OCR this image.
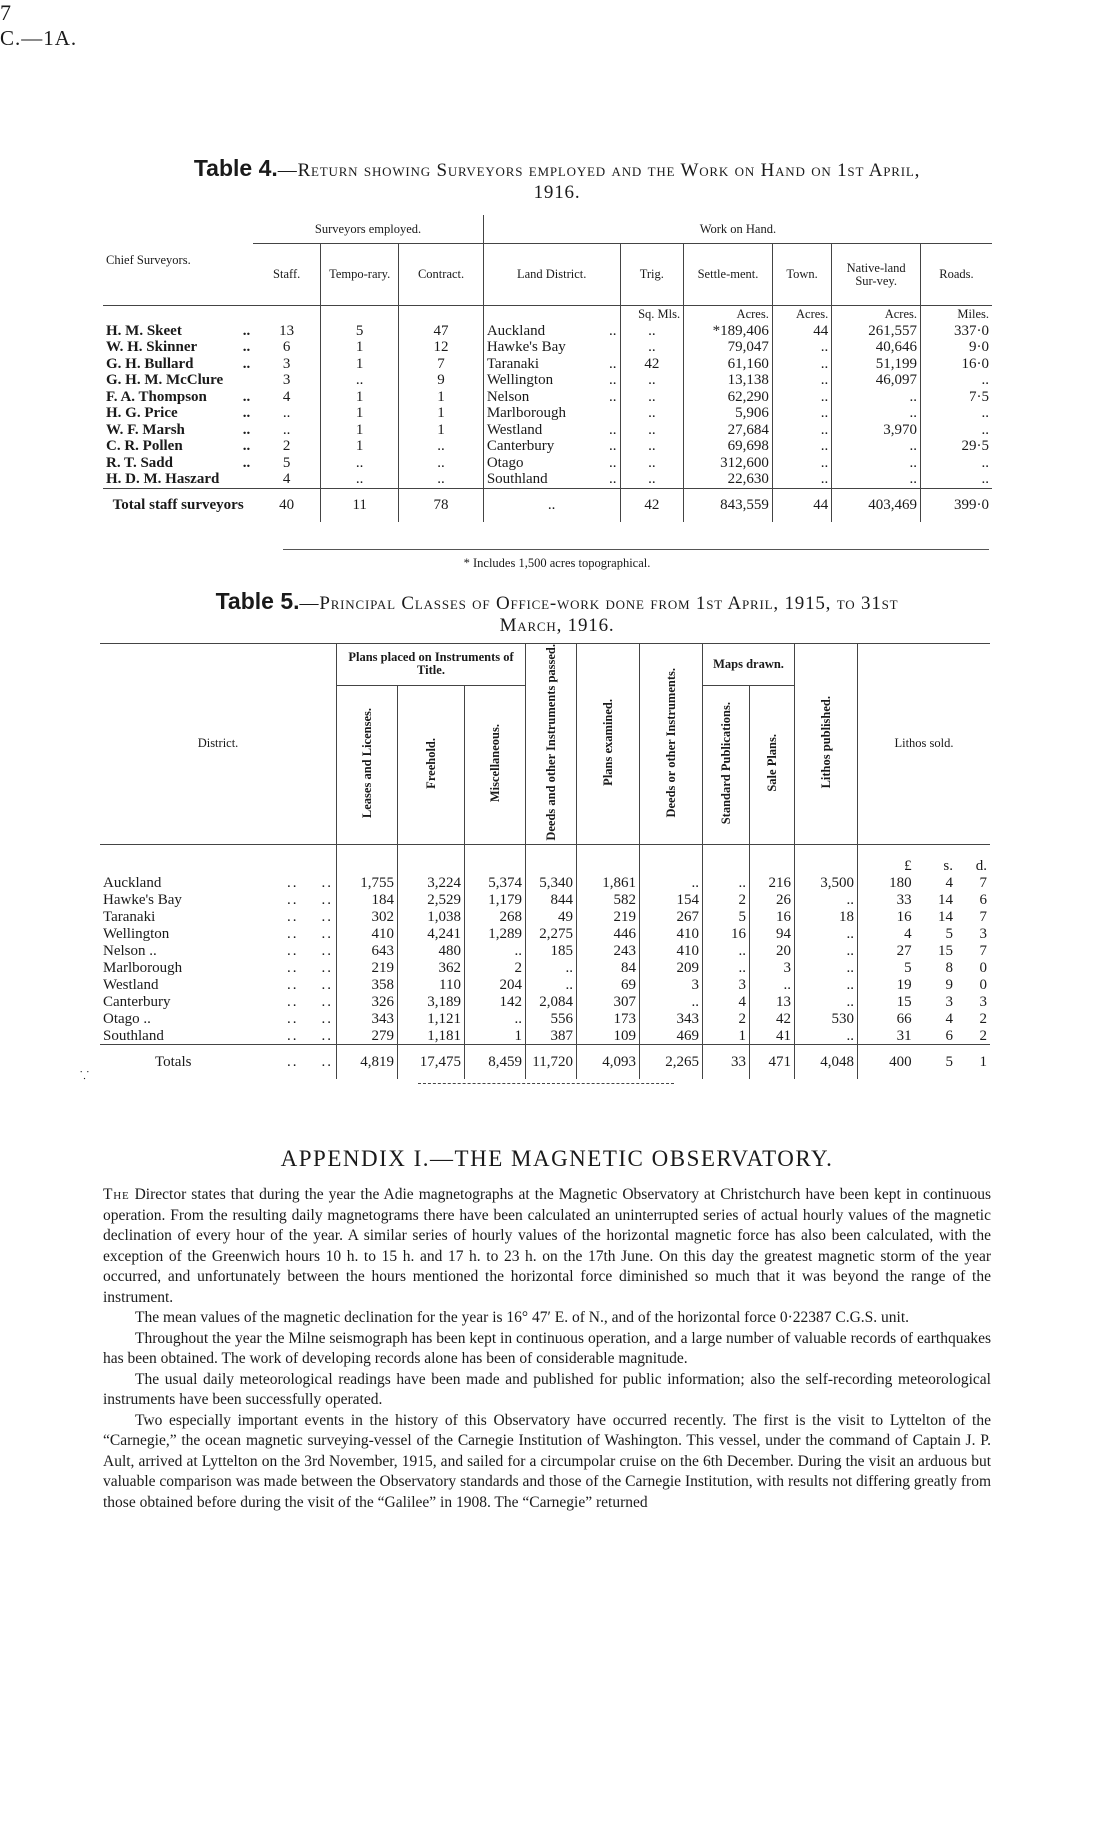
7
C.—1A.
Table 4.—Return showing Surveyors employed and the Work on Hand on 1st April,
1916.
Chief Surveyors.	Surveyors employed.			Work on Hand.					
	Staff.	Tempo-rary.	Contract.	Land District.	Trig.	Settle-ment.	Town.	Native-land Sur-vey.	Roads.
					Sq. Mls.	Acres.	Acres.	Acres.	Miles.
H. M. Skeet ..	13	5	47	Auckland ..	..	*189,406	44	261,557	337·0
W. H. Skinner ..	6	1	12	Hawke's Bay	..	79,047	..	40,646	9·0
G. H. Bullard ..	3	1	7	Taranaki ..	42	61,160	..	51,199	16·0
G. H. M. McClure	3	..	9	Wellington ..	..	13,138	..	46,097	..
F. A. Thompson ..	4	1	1	Nelson ..	..	62,290	..	..	7·5
H. G. Price ..	..	1	1	Marlborough	..	5,906	..	..	..
W. F. Marsh ..	..	1	1	Westland ..	..	27,684	..	3,970	..
C. R. Pollen ..	2	1	..	Canterbury ..	..	69,698	..	..	29·5
R. T. Sadd ..	5	..	..	Otago ..	..	312,600	..	..	..
H. D. M. Haszard	4	..	..	Southland ..	..	22,630	..	..	..
Total staff surveyors	40	11	78	..	42	843,559	44	403,469	399·0
* Includes 1,500 acres topographical.
Table 5.—Principal Classes of Office-work done from 1st April, 1915, to 31st
March, 1916.
District.	Plans placed on Instruments of Title.			Deeds and other Instruments passed.	Plans examined.	Deeds or other Instruments.	Maps drawn.		Lithos published.	Lithos sold.		
	Leases and Licenses.	Freehold.	Miscellaneous.				Standard Publications.	Sale Plans.				
										£	s.	d.
Auckland .. ..	1,755	3,224	5,374	5,340	1,861	..	..	216	3,500	180	4	7
Hawke's Bay .. ..	184	2,529	1,179	844	582	154	2	26	..	33	14	6
Taranaki .. ..	302	1,038	268	49	219	267	5	16	18	16	14	7
Wellington .. ..	410	4,241	1,289	2,275	446	410	16	94	..	4	5	3
Nelson .. .. ..	643	480	..	185	243	410	..	20	..	27	15	7
Marlborough .. ..	219	362	2	..	84	209	..	3	..	5	8	0
Westland .. ..	358	110	204	..	69	3	3	..	..	19	9	0
Canterbury .. ..	326	3,189	142	2,084	307	..	4	13	..	15	3	3
Otago .. .. ..	343	1,121	..	556	173	343	2	42	530	66	4	2
Southland .. ..	279	1,181	1	387	109	469	1	41	..	31	6	2
Totals .. ..	4,819	17,475	8,459	11,720	4,093	2,265	33	471	4,048	400	5	1
⸪
APPENDIX I.—THE MAGNETIC OBSERVATORY.

The Director states that during the year the Adie magnetographs at the Magnetic Observatory at Christchurch have been kept in continuous operation. From the resulting daily magnetograms there have been calculated an uninterrupted series of actual hourly values of the magnetic declination of every hour of the year. A similar series of hourly values of the horizontal magnetic force has also been calculated, with the exception of the Greenwich hours 10 h. to 15 h. and 17 h. to 23 h. on the 17th June. On this day the greatest magnetic storm of the year occurred, and unfortunately between the hours mentioned the horizontal force diminished so much that it was beyond the range of the instrument.

The mean values of the magnetic declination for the year is 16° 47′ E. of N., and of the horizontal force 0·22387 C.G.S. unit.

Throughout the year the Milne seismograph has been kept in continuous operation, and a large number of valuable records of earthquakes has been obtained. The work of developing records alone has been of considerable magnitude.

The usual daily meteorological readings have been made and published for public information; also the self-recording meteorological instruments have been successfully operated.

Two especially important events in the history of this Observatory have occurred recently. The first is the visit to Lyttelton of the “Carnegie,” the ocean magnetic surveying-vessel of the Carnegie Institution of Washington. This vessel, under the command of Captain J. P. Ault, arrived at Lyttelton on the 3rd November, 1915, and sailed for a circumpolar cruise on the 6th December. During the visit an arduous but valuable comparison was made between the Observatory standards and those of the Carnegie Institution, with results not differing greatly from those obtained before during the visit of the “Galilee” in 1908. The “Carnegie” returned
